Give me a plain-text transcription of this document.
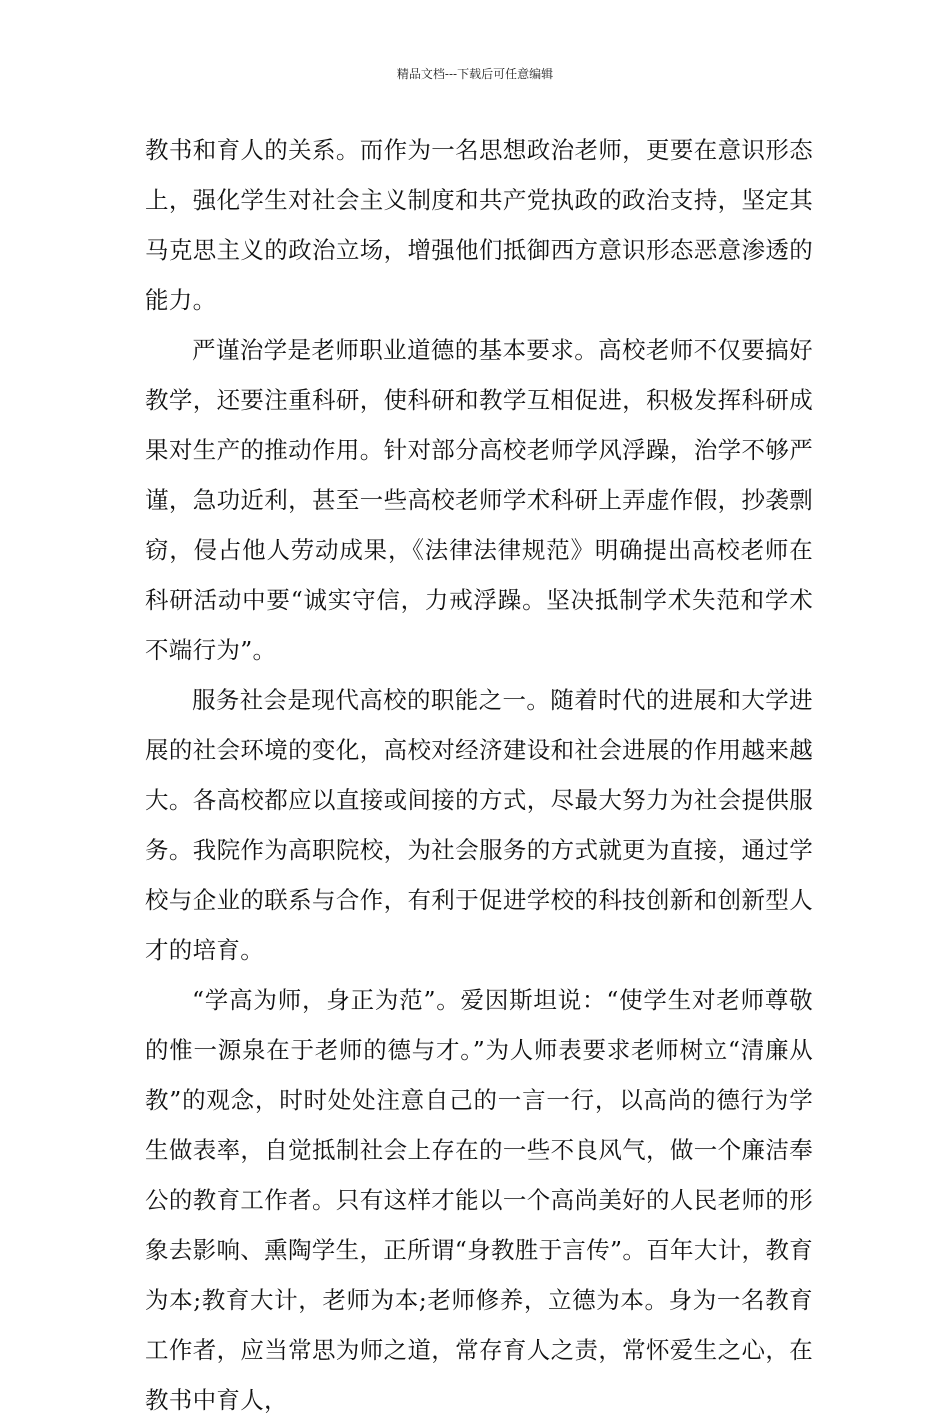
精品文档---下载后可任意编辑

教书和育人的关系。而作为一名思想政治老师，更要在意识形态上，强化学生对社会主义制度和共产党执政的政治支持，坚定其马克思主义的政治立场，增强他们抵御西方意识形态恶意渗透的能力。

严谨治学是老师职业道德的基本要求。高校老师不仅要搞好教学，还要注重科研，使科研和教学互相促进，积极发挥科研成果对生产的推动作用。针对部分高校老师学风浮躁，治学不够严谨，急功近利，甚至一些高校老师学术科研上弄虚作假，抄袭剽窃，侵占他人劳动成果，《法律法律规范》明确提出高校老师在科研活动中要“诚实守信，力戒浮躁。坚决抵制学术失范和学术不端行为”。

服务社会是现代高校的职能之一。随着时代的进展和大学进展的社会环境的变化，高校对经济建设和社会进展的作用越来越大。各高校都应以直接或间接的方式，尽最大努力为社会提供服务。我院作为高职院校，为社会服务的方式就更为直接，通过学校与企业的联系与合作，有利于促进学校的科技创新和创新型人才的培育。

“学高为师，身正为范”。爱因斯坦说：“使学生对老师尊敬的惟一源泉在于老师的德与才。”为人师表要求老师树立“清廉从教”的观念，时时处处注意自己的一言一行，以高尚的德行为学生做表率，自觉抵制社会上存在的一些不良风气，做一个廉洁奉公的教育工作者。只有这样才能以一个高尚美好的人民老师的形象去影响、熏陶学生，正所谓“身教胜于言传”。百年大计，教育为本;教育大计，老师为本;老师修养，立德为本。身为一名教育工作者，应当常思为师之道，常存育人之责，常怀爱生之心，在教书中育人，
